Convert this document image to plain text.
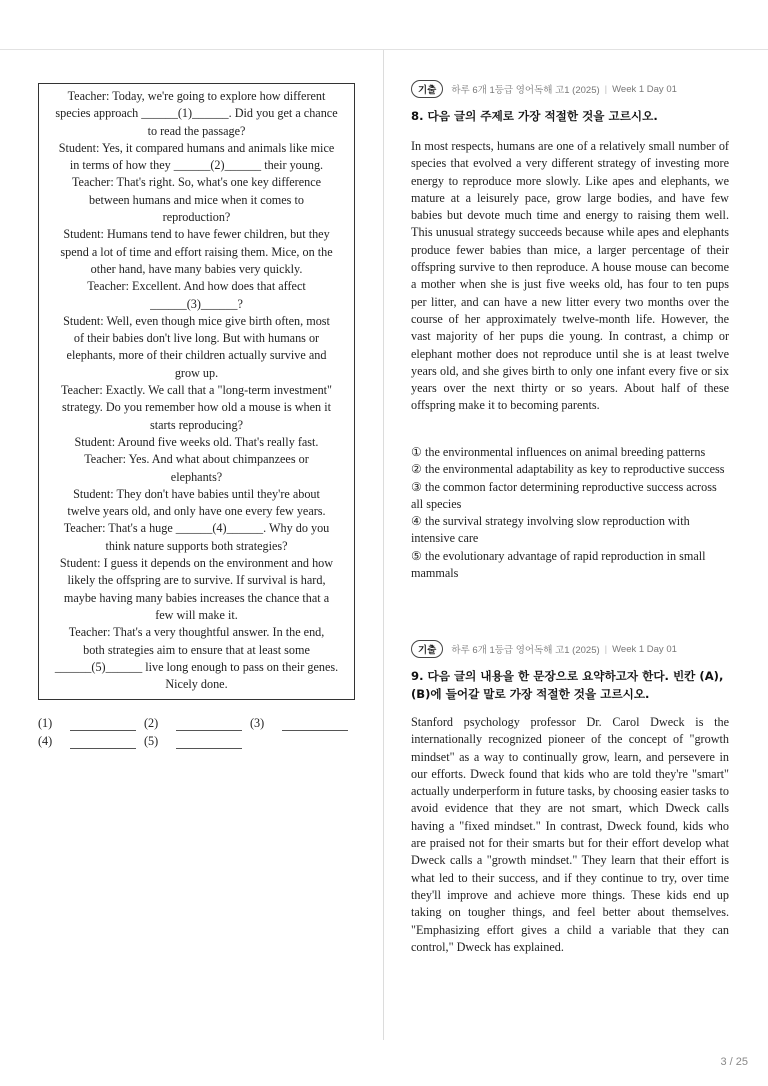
Teacher: Today, we're going to explore how different
species approach ______(1)______. Did you get a chance
to read the passage?
Student: Yes, it compared humans and animals like mice
in terms of how they ______(2)______ their young.
Teacher: That's right. So, what's one key difference
between humans and mice when it comes to
reproduction?
Student: Humans tend to have fewer children, but they
spend a lot of time and effort raising them. Mice, on the
other hand, have many babies very quickly.
Teacher: Excellent. And how does that affect
______(3)______?
Student: Well, even though mice give birth often, most
of their babies don't live long. But with humans or
elephants, more of their children actually survive and
grow up.
Teacher: Exactly. We call that a "long-term investment"
strategy. Do you remember how old a mouse is when it
starts reproducing?
Student: Around five weeks old. That's really fast.
Teacher: Yes. And what about chimpanzees or
elephants?
Student: They don't have babies until they're about
twelve years old, and only have one every few years.
Teacher: That's a huge ______(4)______. Why do you
think nature supports both strategies?
Student: I guess it depends on the environment and how
likely the offspring are to survive. If survival is hard,
maybe having many babies increases the chance that a
few will make it.
Teacher: That's a very thoughtful answer. In the end,
both strategies aim to ensure that at least some
______(5)______ live long enough to pass on their genes.
Nicely done.
(1)	(2)	(3)
(4)	(5)
기출	하루 6개 1등급 영어독해 고1 (2025) | Week 1 Day 01
8. 다음 글의 주제로 가장 적절한 것을 고르시오.
In most respects, humans are one of a relatively small number of species that evolved a very different strategy of investing more energy to reproduce more slowly. Like apes and elephants, we mature at a leisurely pace, grow large bodies, and have few babies but devote much time and energy to raising them well. This unusual strategy succeeds because while apes and elephants produce fewer babies than mice, a larger percentage of their offspring survive to then reproduce. A house mouse can become a mother when she is just five weeks old, has four to ten pups per litter, and can have a new litter every two months over the course of her approximately twelve-month life. However, the vast majority of her pups die young. In contrast, a chimp or elephant mother does not reproduce until she is at least twelve years old, and she gives birth to only one infant every five or six years over the next thirty or so years. About half of these offspring make it to becoming parents.
① the environmental influences on animal breeding patterns
② the environmental adaptability as key to reproductive success
③ the common factor determining reproductive success across all species
④ the survival strategy involving slow reproduction with intensive care
⑤ the evolutionary advantage of rapid reproduction in small mammals
기출	하루 6개 1등급 영어독해 고1 (2025) | Week 1 Day 01
9. 다음 글의 내용을 한 문장으로 요약하고자 한다. 빈칸 (A), (B)에 들어갈 말로 가장 적절한 것을 고르시오.
Stanford psychology professor Dr. Carol Dweck is the internationally recognized pioneer of the concept of "growth mindset" as a way to continually grow, learn, and persevere in our efforts. Dweck found that kids who are told they're "smart" actually underperform in future tasks, by choosing easier tasks to avoid evidence that they are not smart, which Dweck calls having a "fixed mindset." In contrast, Dweck found, kids who are praised not for their smarts but for their effort develop what Dweck calls a "growth mindset." They learn that their effort is what led to their success, and if they continue to try, over time they'll improve and achieve more things. These kids end up taking on tougher things, and feel better about themselves. "Emphasizing effort gives a child a variable that they can control," Dweck has explained.
3 / 25
